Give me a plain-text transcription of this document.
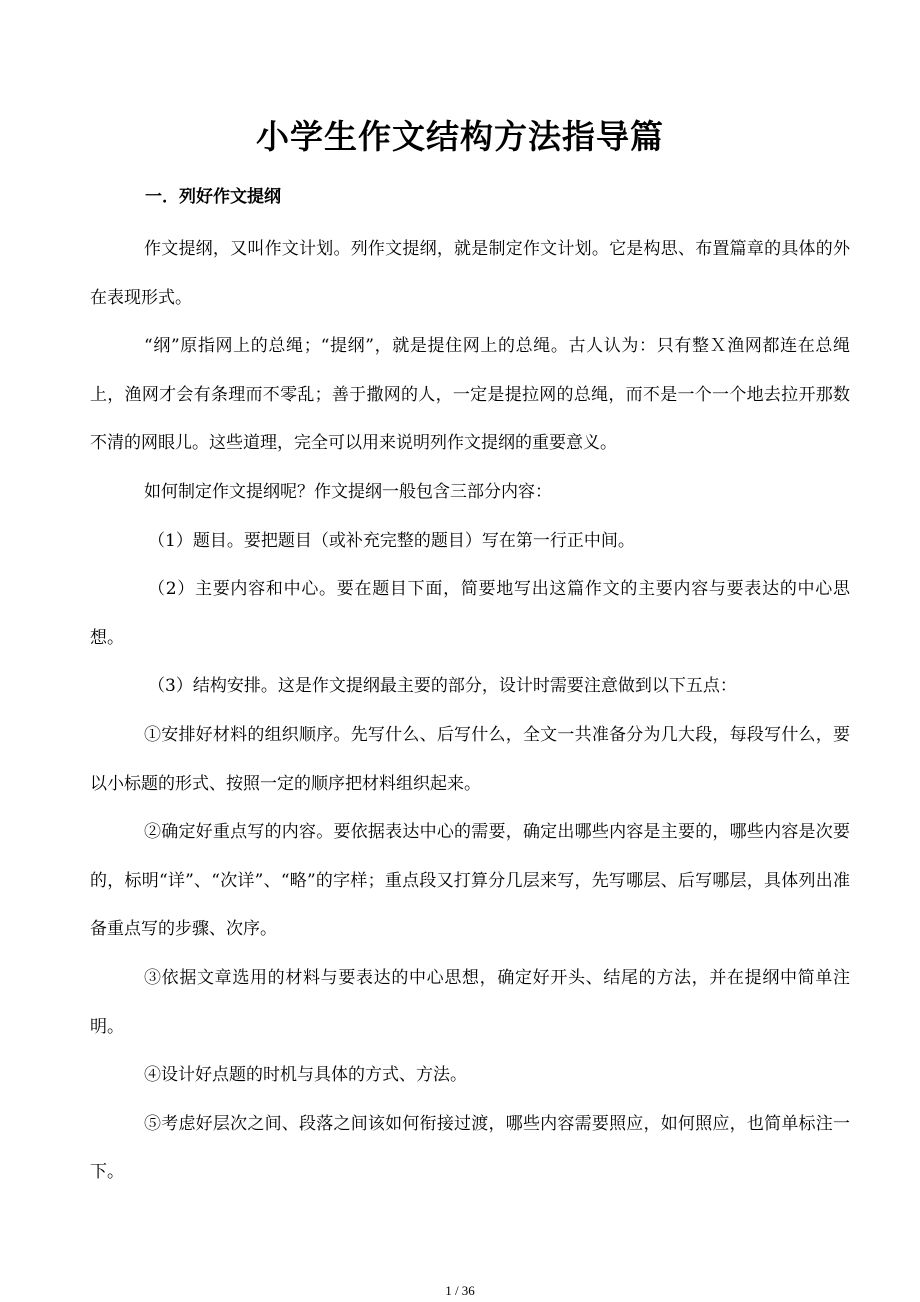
小学生作文结构方法指导篇
一．列好作文提纲

作文提纲，又叫作文计划。列作文提纲，就是制定作文计划。它是构思、布置篇章的具体的外在表现形式。

“纲”原指网上的总绳；“提纲”，就是提住网上的总绳。古人认为：只有整Ｘ渔网都连在总绳上，渔网才会有条理而不零乱；善于撒网的人，一定是提拉网的总绳，而不是一个一个地去拉开那数不清的网眼儿。这些道理，完全可以用来说明列作文提纲的重要意义。

如何制定作文提纲呢？作文提纲一般包含三部分内容：

（1）题目。要把题目（或补充完整的题目）写在第一行正中间。

（2）主要内容和中心。要在题目下面，简要地写出这篇作文的主要内容与要表达的中心思想。

（3）结构安排。这是作文提纲最主要的部分，设计时需要注意做到以下五点：

①安排好材料的组织顺序。先写什么、后写什么，全文一共准备分为几大段，每段写什么，要以小标题的形式、按照一定的顺序把材料组织起来。

②确定好重点写的内容。要依据表达中心的需要，确定出哪些内容是主要的，哪些内容是次要的，标明“详”、“次详”、“略”的字样；重点段又打算分几层来写，先写哪层、后写哪层，具体列出准备重点写的步骤、次序。

③依据文章选用的材料与要表达的中心思想，确定好开头、结尾的方法，并在提纲中简单注明。

④设计好点题的时机与具体的方式、方法。

⑤考虑好层次之间、段落之间该如何衔接过渡，哪些内容需要照应，如何照应，也简单标注一下。

1 / 36
